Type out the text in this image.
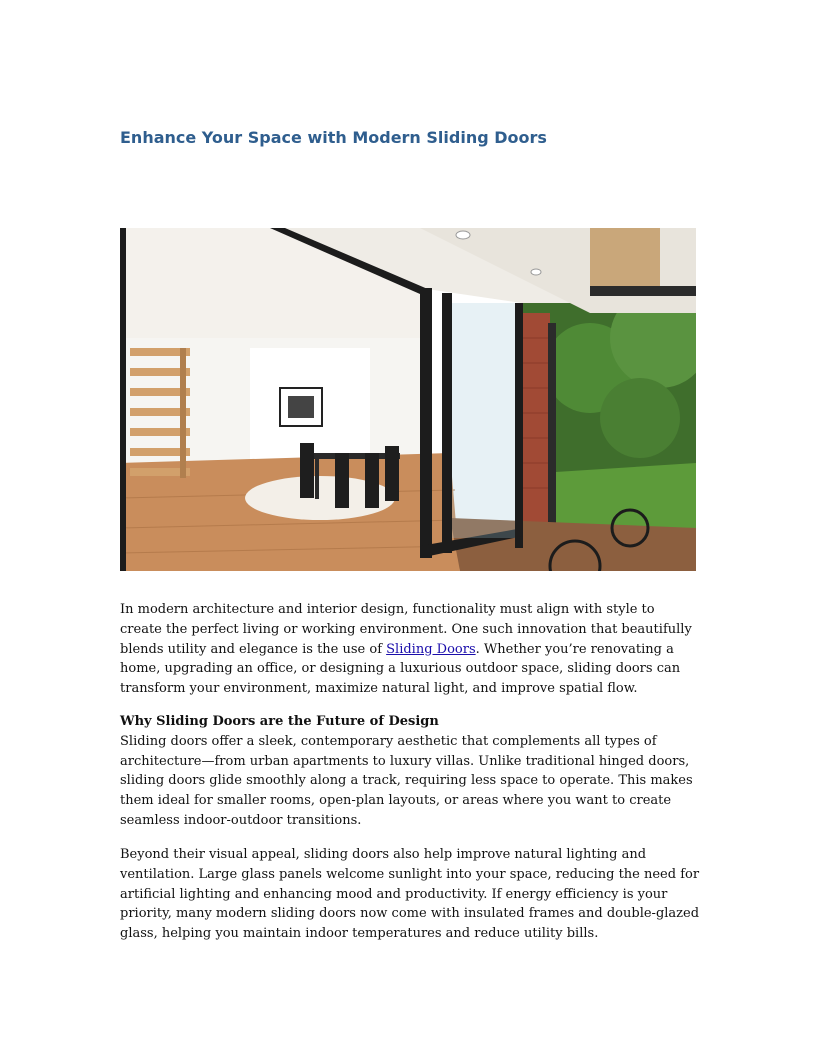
Enhance Your Space with Modern Sliding Doors

In modern architecture and interior design, functionality must align with style to create the perfect living or working environment. One such innovation that beautifully blends utility and elegance is the use of Sliding Doors. Whether you’re renovating a home, upgrading an office, or designing a luxurious outdoor space, sliding doors can transform your environment, maximize natural light, and improve spatial flow.

Why Sliding Doors are the Future of Design

Sliding doors offer a sleek, contemporary aesthetic that complements all types of architecture—from urban apartments to luxury villas. Unlike traditional hinged doors, sliding doors glide smoothly along a track, requiring less space to operate. This makes them ideal for smaller rooms, open-plan layouts, or areas where you want to create seamless indoor-outdoor transitions.

Beyond their visual appeal, sliding doors also help improve natural lighting and ventilation. Large glass panels welcome sunlight into your space, reducing the need for artificial lighting and enhancing mood and productivity. If energy efficiency is your priority, many modern sliding doors now come with insulated frames and double-glazed glass, helping you maintain indoor temperatures and reduce utility bills.
